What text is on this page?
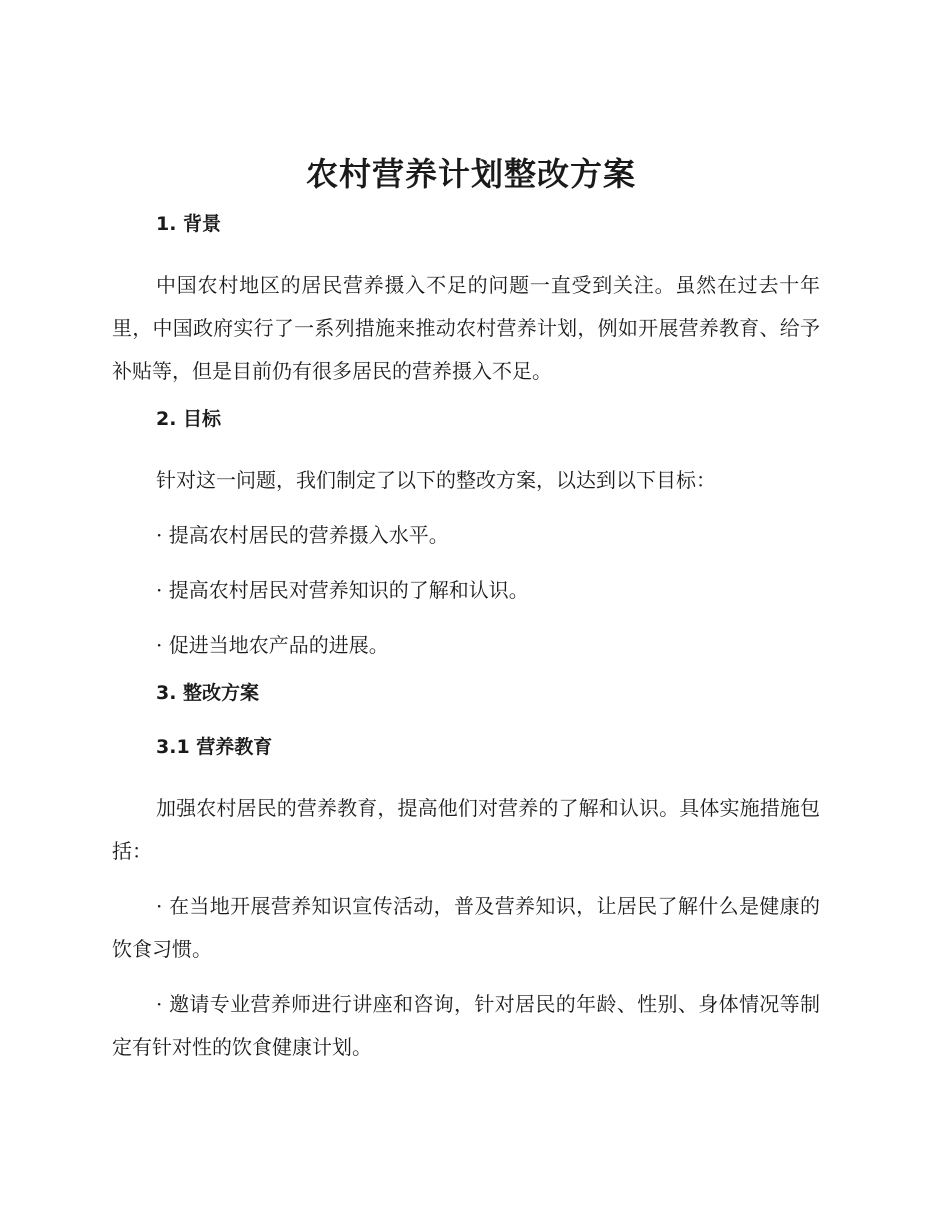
农村营养计划整改方案
1. 背景

中国农村地区的居民营养摄入不足的问题一直受到关注。虽然在过去十年里，中国政府实行了一系列措施来推动农村营养计划，例如开展营养教育、给予补贴等，但是目前仍有很多居民的营养摄入不足。

2. 目标

针对这一问题，我们制定了以下的整改方案，以达到以下目标：

· 提高农村居民的营养摄入水平。

· 提高农村居民对营养知识的了解和认识。

· 促进当地农产品的进展。

3. 整改方案
3.1 营养教育

加强农村居民的营养教育，提高他们对营养的了解和认识。具体实施措施包括：

· 在当地开展营养知识宣传活动，普及营养知识，让居民了解什么是健康的饮食习惯。

· 邀请专业营养师进行讲座和咨询，针对居民的年龄、性别、身体情况等制定有针对性的饮食健康计划。
